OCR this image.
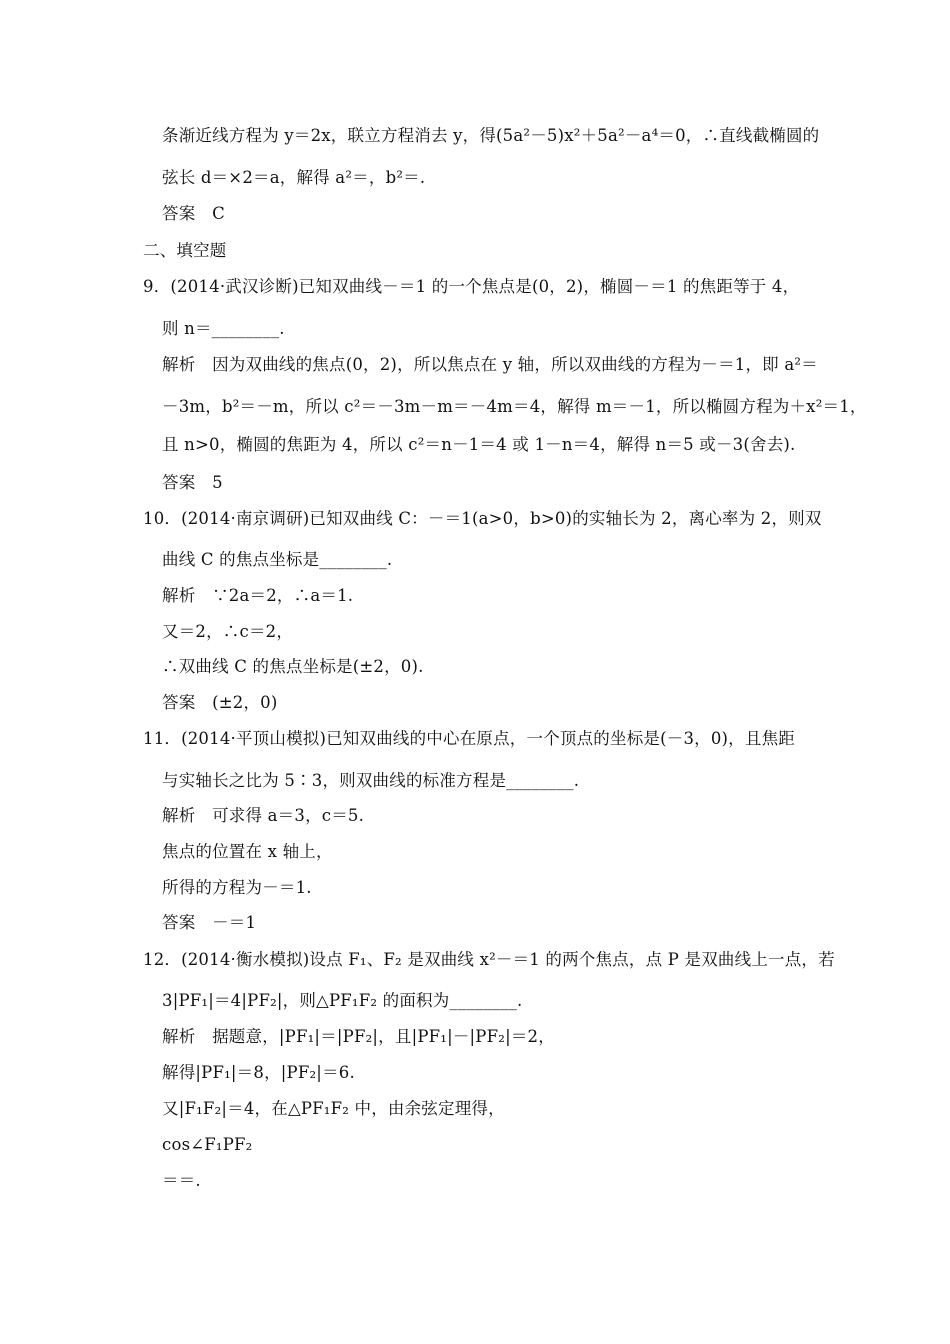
条渐近线方程为 y＝2x，联立方程消去 y，得(5a²－5)x²＋5a²－a⁴＝0，∴直线截椭圆的
弦长 d＝×2＝a，解得 a²＝，b²＝.
答案　C
二、填空题
9．(2014·武汉诊断)已知双曲线－＝1 的一个焦点是(0，2)，椭圆－＝1 的焦距等于 4，
则 n＝________.
解析　因为双曲线的焦点(0，2)，所以焦点在 y 轴，所以双曲线的方程为－＝1，即 a²＝
－3m，b²＝－m，所以 c²＝－3m－m＝－4m＝4，解得 m＝－1，所以椭圆方程为＋x²＝1，
且 n>0，椭圆的焦距为 4，所以 c²＝n－1＝4 或 1－n＝4，解得 n＝5 或－3(舍去).
答案　5
10．(2014·南京调研)已知双曲线 C：－＝1(a>0，b>0)的实轴长为 2，离心率为 2，则双
曲线 C 的焦点坐标是________.
解析　∵2a＝2，∴a＝1.
又＝2，∴c＝2，
∴双曲线 C 的焦点坐标是(±2，0).
答案　(±2，0)
11．(2014·平顶山模拟)已知双曲线的中心在原点，一个顶点的坐标是(－3，0)，且焦距
与实轴长之比为 5∶3，则双曲线的标准方程是________.
解析　可求得 a＝3，c＝5.
焦点的位置在 x 轴上，
所得的方程为－＝1.
答案　－＝1
12．(2014·衡水模拟)设点 F₁、F₂ 是双曲线 x²－＝1 的两个焦点，点 P 是双曲线上一点，若
3|PF₁|＝4|PF₂|，则△PF₁F₂ 的面积为________.
解析　据题意，|PF₁|＝|PF₂|，且|PF₁|－|PF₂|＝2，
解得|PF₁|＝8，|PF₂|＝6.
又|F₁F₂|＝4，在△PF₁F₂ 中，由余弦定理得，
cos∠F₁PF₂
＝＝.
